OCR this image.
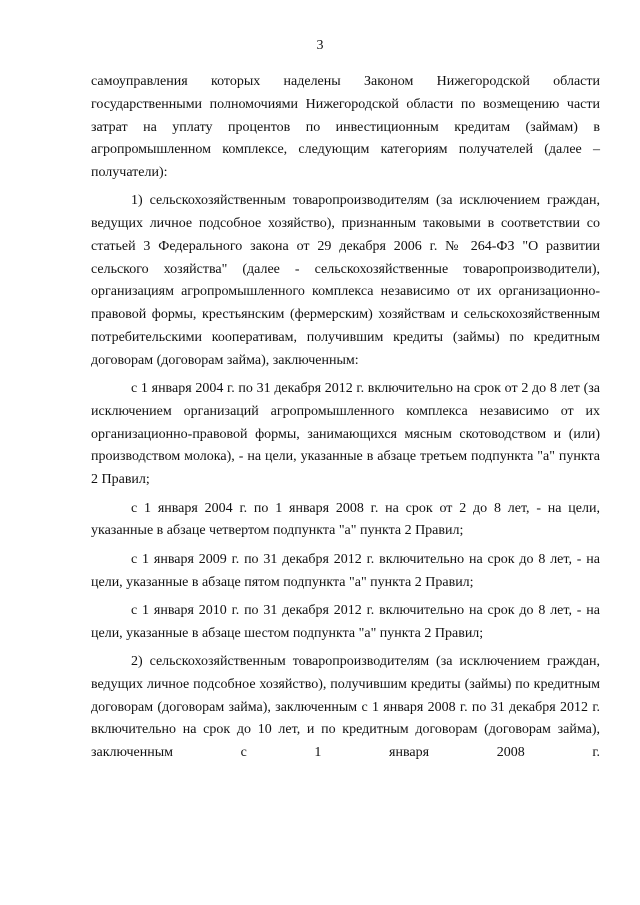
3

самоуправления которых наделены Законом Нижегородской области государственными полномочиями Нижегородской области по возмещению части затрат на уплату процентов по инвестиционным кредитам (займам) в агропромышленном комплексе, следующим категориям получателей (далее – получатели):

1) сельскохозяйственным товаропроизводителям (за исключением граждан, ведущих личное подсобное хозяйство), признанным таковыми в соответствии со статьей 3 Федерального закона от 29 декабря 2006 г. № 264-ФЗ "О развитии сельского хозяйства" (далее - сельскохозяйственные товаропроизводители), организациям агропромышленного комплекса независимо от их организационно-правовой формы, крестьянским (фермерским) хозяйствам и сельскохозяйственным потребительскими кооперативам, получившим кредиты (займы) по кредитным договорам (договорам займа), заключенным:

с 1 января 2004 г. по 31 декабря 2012 г. включительно на срок от 2 до 8 лет (за исключением организаций агропромышленного комплекса независимо от их организационно-правовой формы, занимающихся мясным скотоводством и (или) производством молока), - на цели, указанные в абзаце третьем подпункта "а" пункта 2 Правил;

с 1 января 2004 г. по 1 января 2008 г. на срок от 2 до 8 лет, - на цели, указанные в абзаце четвертом подпункта "а" пункта 2 Правил;

с 1 января 2009 г. по 31 декабря 2012 г. включительно на срок до 8 лет, - на цели, указанные в абзаце пятом подпункта "а" пункта 2 Правил;

с 1 января 2010 г. по 31 декабря 2012 г. включительно на срок до 8 лет, - на цели, указанные в абзаце шестом подпункта "а" пункта 2 Правил;

2) сельскохозяйственным товаропроизводителям (за исключением граждан, ведущих личное подсобное хозяйство), получившим кредиты (займы) по кредитным договорам (договорам займа), заключенным с 1 января 2008 г. по 31 декабря 2012 г. включительно на срок до 10 лет, и по кредитным договорам (договорам займа), заключенным с 1 января 2008 г.
